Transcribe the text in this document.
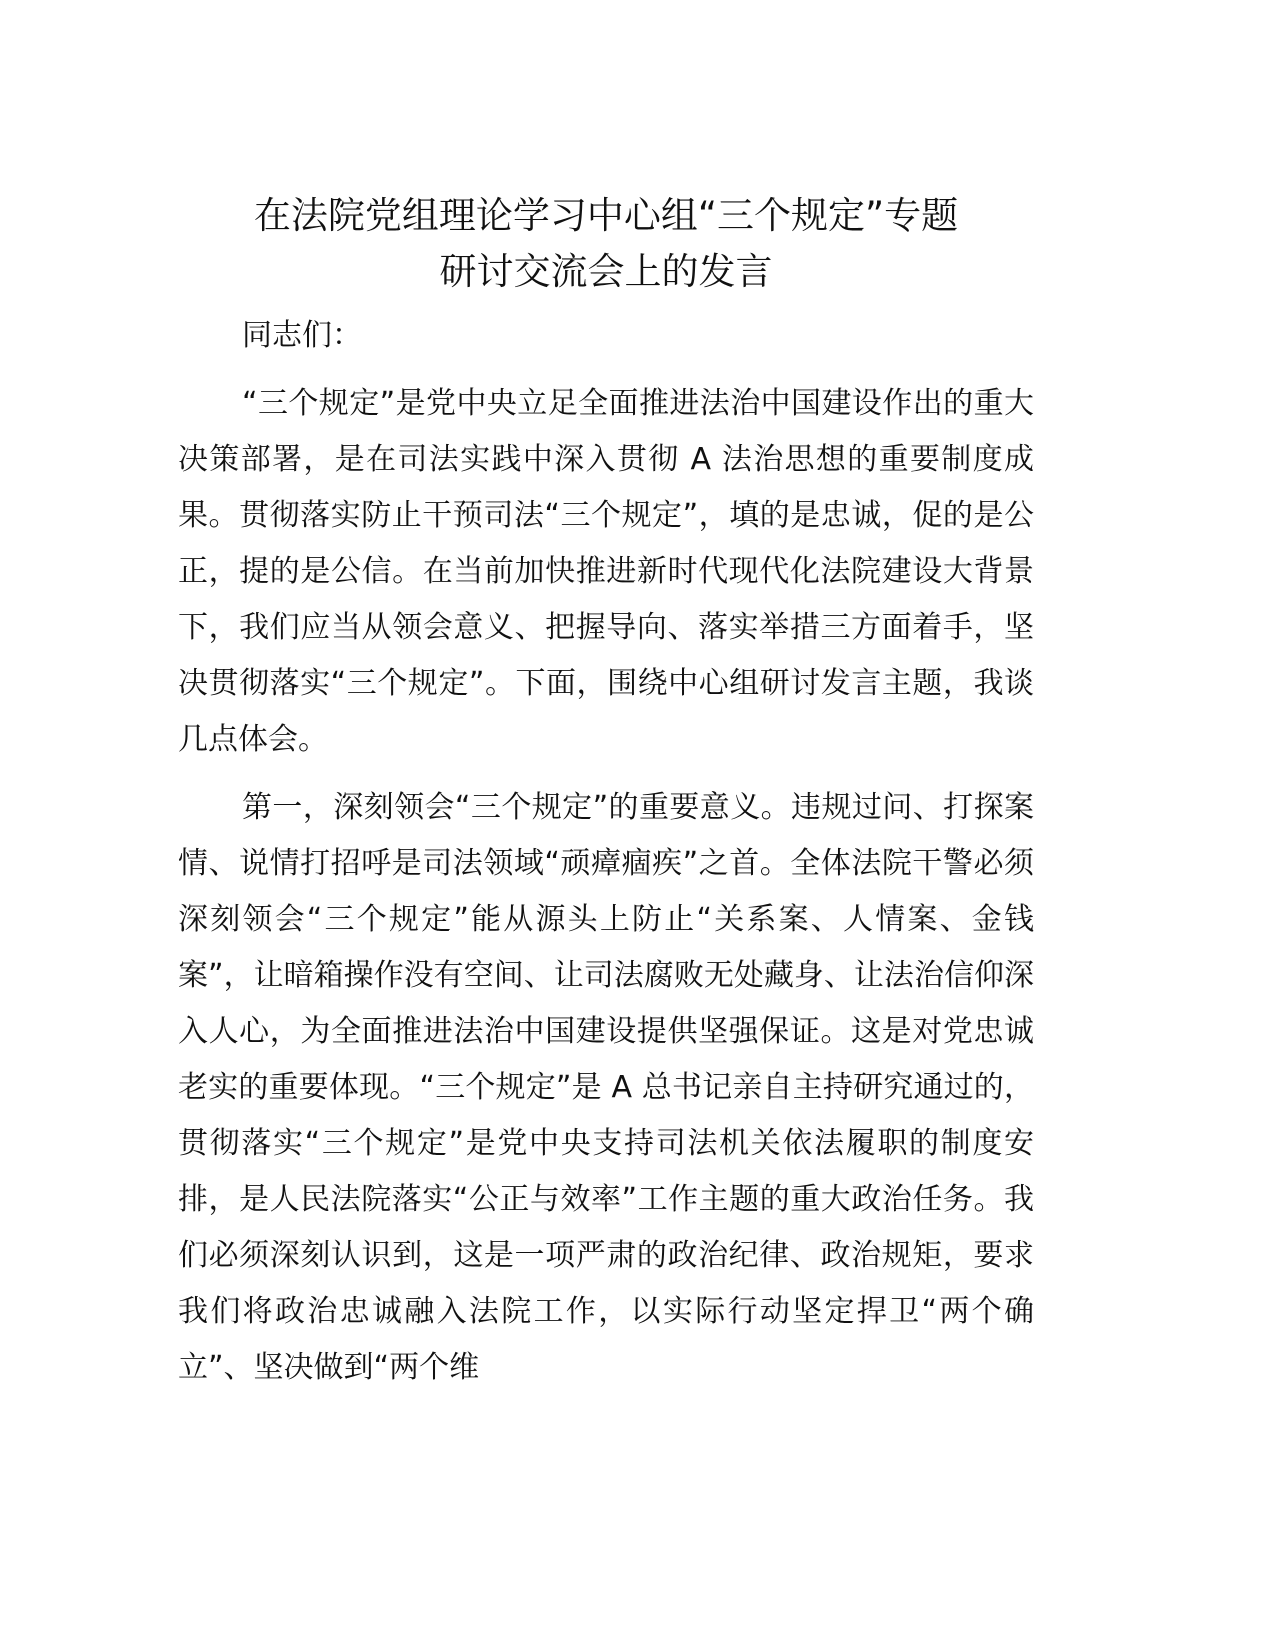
在法院党组理论学习中心组“三个规定”专题
研讨交流会上的发言

同志们：

“三个规定”是党中央立足全面推进法治中国建设作出的重大决策部署，是在司法实践中深入贯彻 A 法治思想的重要制度成果。贯彻落实防止干预司法“三个规定”，填的是忠诚，促的是公正，提的是公信。在当前加快推进新时代现代化法院建设大背景下，我们应当从领会意义、把握导向、落实举措三方面着手，坚决贯彻落实“三个规定”。下面，围绕中心组研讨发言主题，我谈几点体会。

第一，深刻领会“三个规定”的重要意义。违规过问、打探案情、说情打招呼是司法领域“顽瘴痼疾”之首。全体法院干警必须深刻领会“三个规定”能从源头上防止“关系案、人情案、金钱案”，让暗箱操作没有空间、让司法腐败无处藏身、让法治信仰深入人心，为全面推进法治中国建设提供坚强保证。这是对党忠诚老实的重要体现。“三个规定”是 A 总书记亲自主持研究通过的，贯彻落实“三个规定”是党中央支持司法机关依法履职的制度安排，是人民法院落实“公正与效率”工作主题的重大政治任务。我们必须深刻认识到，这是一项严肃的政治纪律、政治规矩，要求我们将政治忠诚融入法院工作，以实际行动坚定捍卫“两个确立”、坚决做到“两个维
